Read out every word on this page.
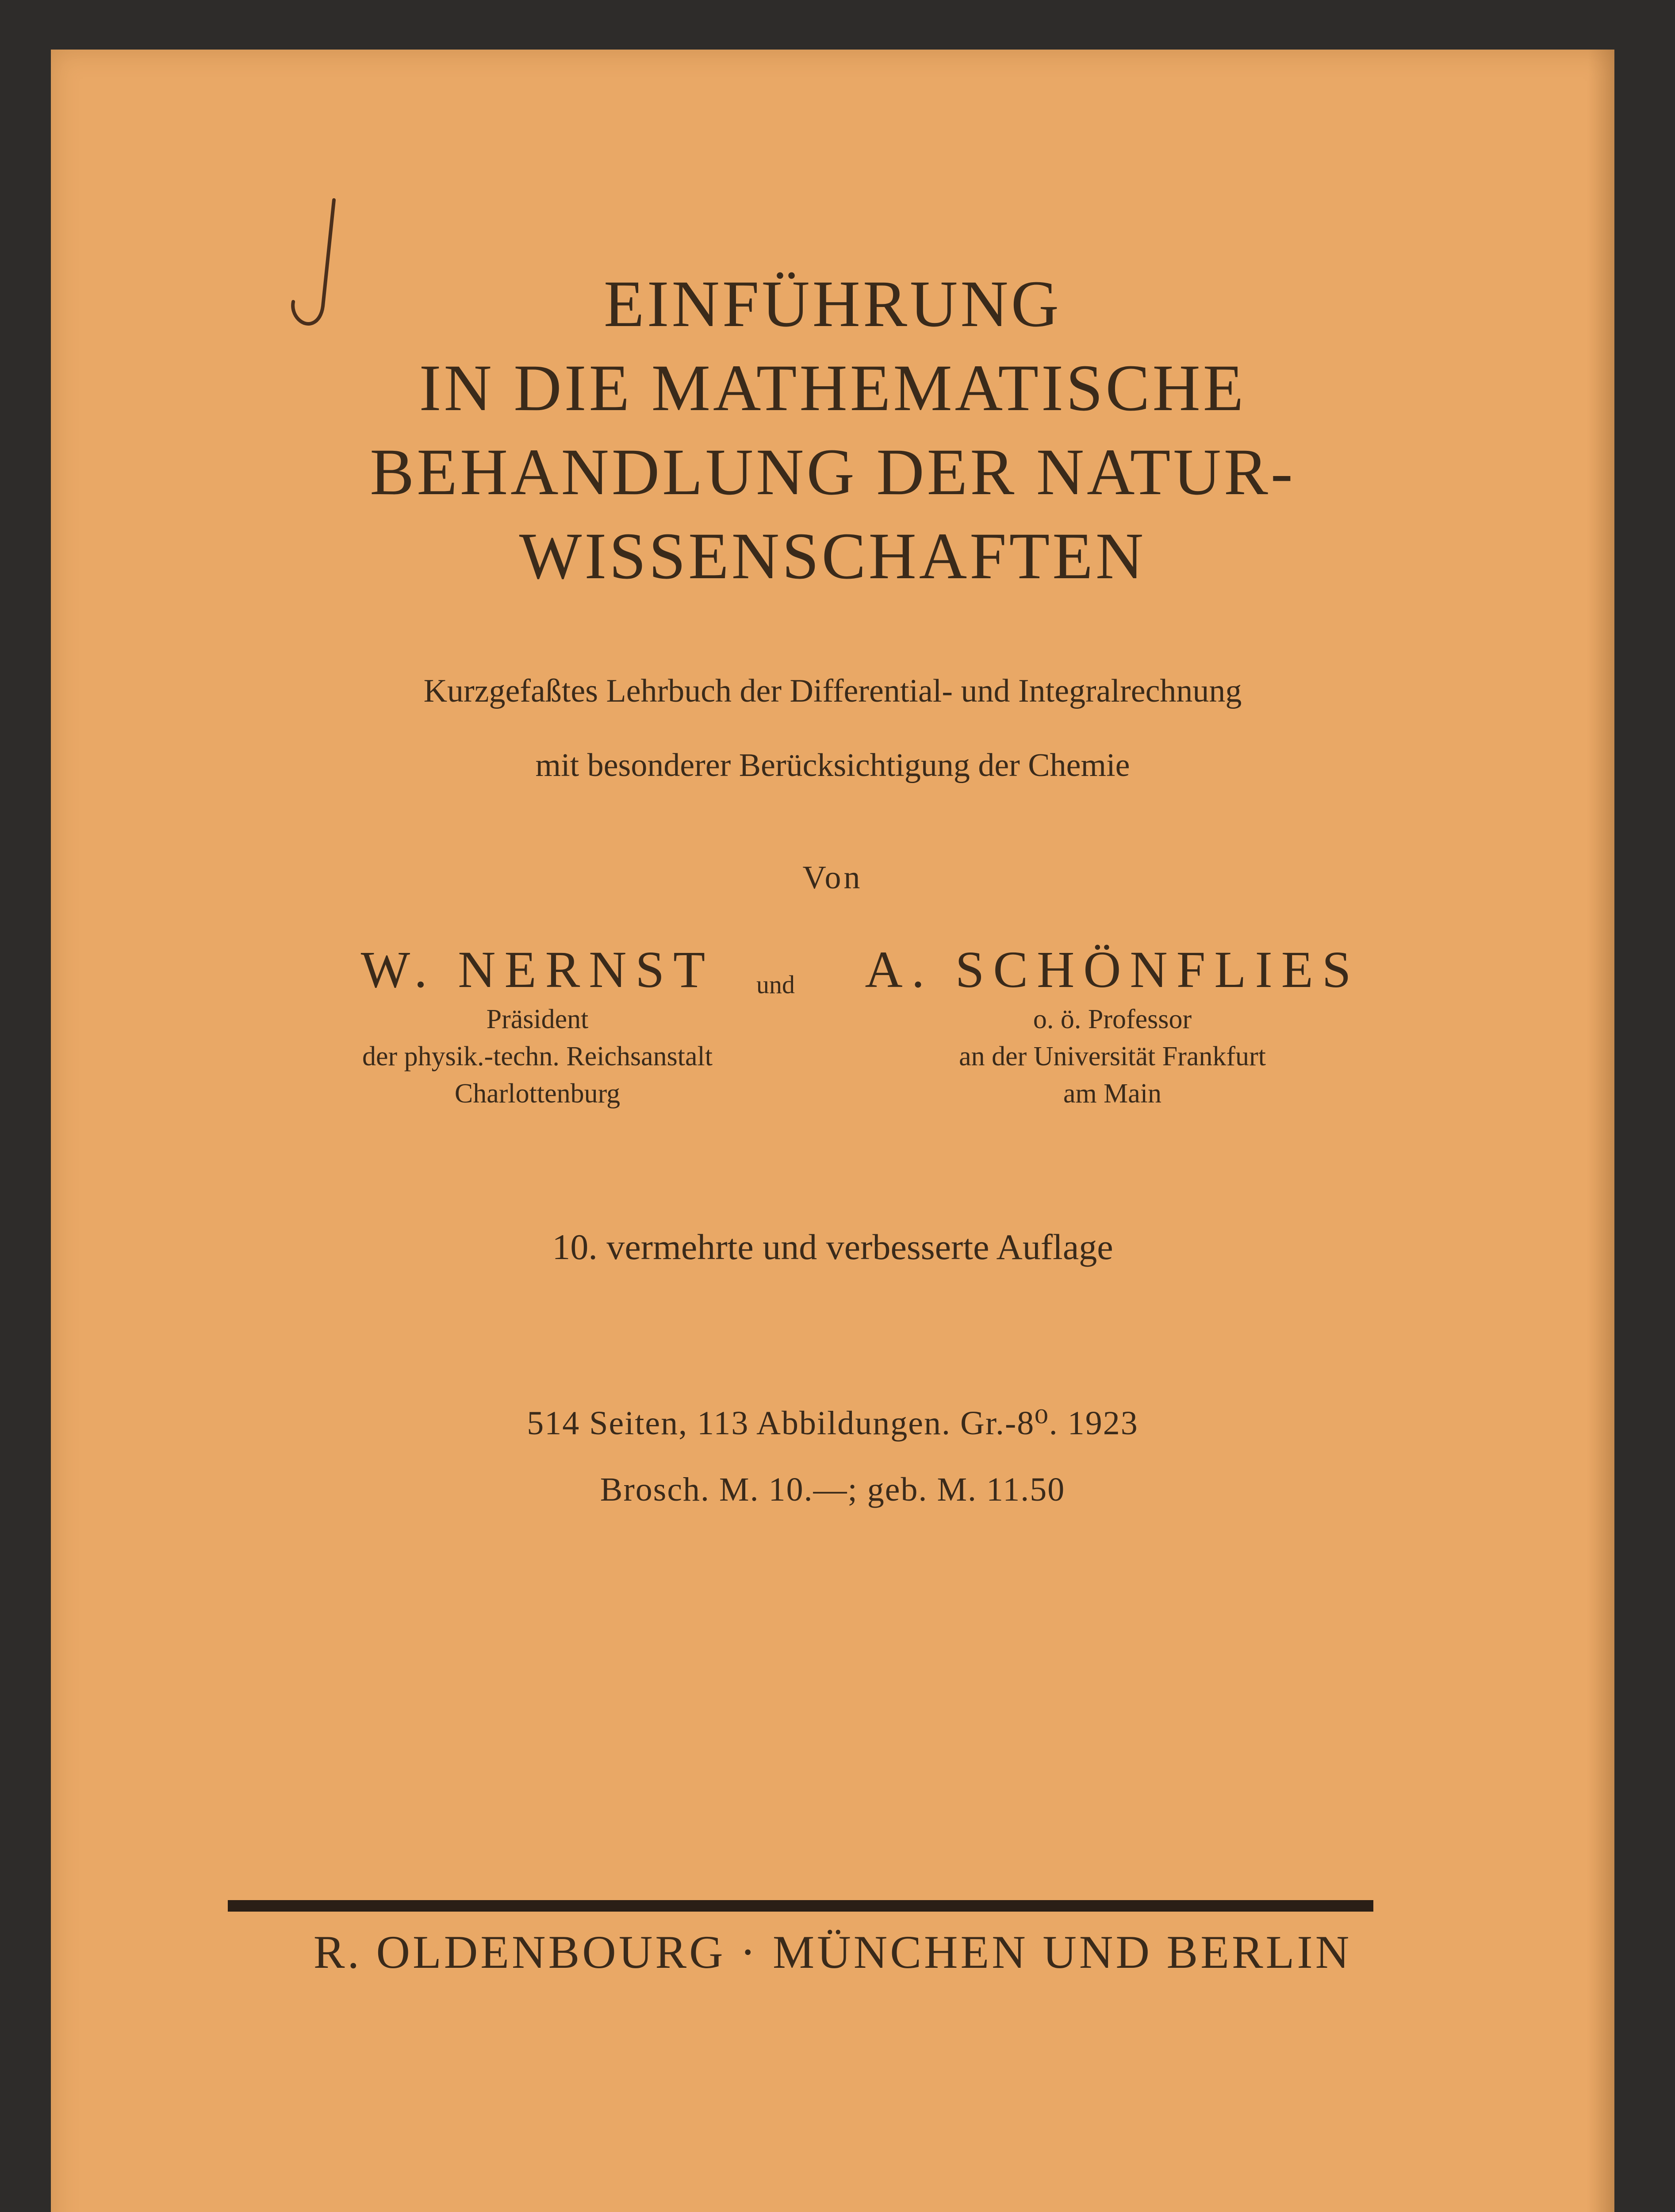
EINFÜHRUNG
IN DIE MATHEMATISCHE
BEHANDLUNG DER NATUR-
WISSENSCHAFTEN
Kurzgefaßtes Lehrbuch der Differential- und Integralrechnung
mit besonderer Berücksichtigung der Chemie
Von
W. NERNST
Präsident
der physik.-techn. Reichsanstalt
Charlottenburg
und	A. SCHÖNFLIES
o. ö. Professor
an der Universität Frankfurt
am Main
10. vermehrte und verbesserte Auflage
514 Seiten, 113 Abbildungen. Gr.-8⁰. 1923
Brosch. M. 10.—; geb. M. 11.50
R. OLDENBOURG · MÜNCHEN UND BERLIN
